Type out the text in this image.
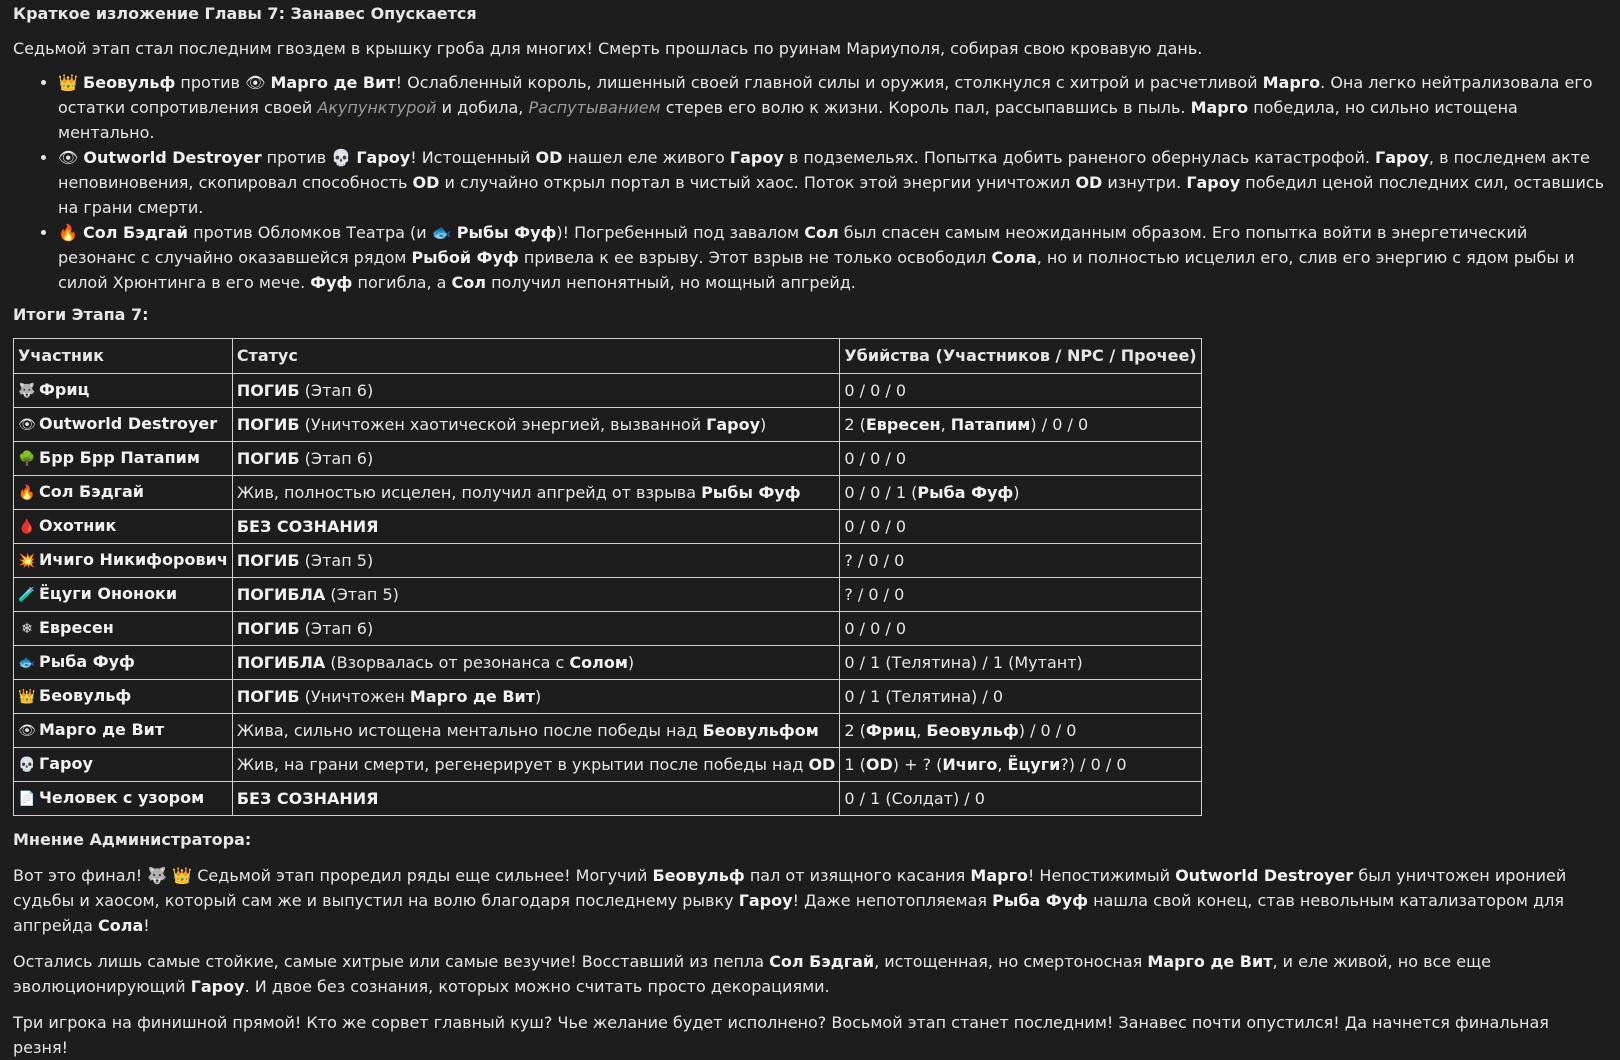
Краткое изложение Главы 7: Занавес Опускается

Седьмой этап стал последним гвоздем в крышку гроба для многих! Смерть прошлась по руинам Мариуполя, собирая свою кровавую дань.

• 👑 Беовульф против 👁 Марго де Вит! Ослабленный король, лишенный своей главной силы и оружия, столкнулся с хитрой и расчетливой Марго. Она легко нейтрализовала его остатки сопротивления своей Акупунктурой и добила, Распутыванием стерев его волю к жизни. Король пал, рассыпавшись в пыль. Марго победила, но сильно истощена ментально.
• 👁 Outworld Destroyer против 💀 Гароу! Истощенный OD нашел еле живого Гароу в подземельях. Попытка добить раненого обернулась катастрофой. Гароу, в последнем акте неповиновения, скопировал способность OD и случайно открыл портал в чистый хаос. Поток этой энергии уничтожил OD изнутри. Гароу победил ценой последних сил, оставшись на грани смерти.
• 🔥 Сол Бэдгай против Обломков Театра (и 🐟 Рыбы Фуф)! Погребенный под завалом Сол был спасен самым неожиданным образом. Его попытка войти в энергетический резонанс с случайно оказавшейся рядом Рыбой Фуф привела к ее взрыву. Этот взрыв не только освободил Сола, но и полностью исцелил его, слив его энергию с ядом рыбы и силой Хрюнтинга в его мече. Фуф погибла, а Сол получил непонятный, но мощный апгрейд.
Итоги Этапа 7:
Участник	Статус	Убийства (Участников / NPC / Прочее)
🐺 Фриц	ПОГИБ (Этап 6)	0 / 0 / 0
👁 Outworld Destroyer	ПОГИБ (Уничтожен хаотической энергией, вызванной Гароу)	2 (Евресен, Патапим) / 0 / 0
🌳 Брр Брр Патапим	ПОГИБ (Этап 6)	0 / 0 / 0
🔥 Сол Бэдгай	Жив, полностью исцелен, получил апгрейд от взрыва Рыбы Фуф	0 / 0 / 1 (Рыба Фуф)
🩸 Охотник	БЕЗ СОЗНАНИЯ	0 / 0 / 0
💥 Ичиго Никифорович	ПОГИБ (Этап 5)	? / 0 / 0
🧪 Ёцуги Ононоки	ПОГИБЛА (Этап 5)	? / 0 / 0
❄ Евресен	ПОГИБ (Этап 6)	0 / 0 / 0
🐟 Рыба Фуф	ПОГИБЛА (Взорвалась от резонанса с Солом)	0 / 1 (Телятина) / 1 (Мутант)
👑 Беовульф	ПОГИБ (Уничтожен Марго де Вит)	0 / 1 (Телятина) / 0
👁 Марго де Вит	Жива, сильно истощена ментально после победы над Беовульфом	2 (Фриц, Беовульф) / 0 / 0
💀 Гароу	Жив, на грани смерти, регенерирует в укрытии после победы над OD	1 (OD) + ? (Ичиго, Ёцуги?) / 0 / 0
📄 Человек с узором	БЕЗ СОЗНАНИЯ	0 / 1 (Солдат) / 0
Мнение Администратора:

Вот это финал! 🐺 👑 Седьмой этап проредил ряды еще сильнее! Могучий Беовульф пал от изящного касания Марго! Непостижимый Outworld Destroyer был уничтожен иронией судьбы и хаосом, который сам же и выпустил на волю благодаря последнему рывку Гароу! Даже непотопляемая Рыба Фуф нашла свой конец, став невольным катализатором для апгрейда Сола!

Остались лишь самые стойкие, самые хитрые или самые везучие! Восставший из пепла Сол Бэдгай, истощенная, но смертоносная Марго де Вит, и еле живой, но все еще эволюционирующий Гароу. И двое без сознания, которых можно считать просто декорациями.

Три игрока на финишной прямой! Кто же сорвет главный куш? Чье желание будет исполнено? Восьмой этап станет последним! Занавес почти опустился! Да начнется финальная резня!
